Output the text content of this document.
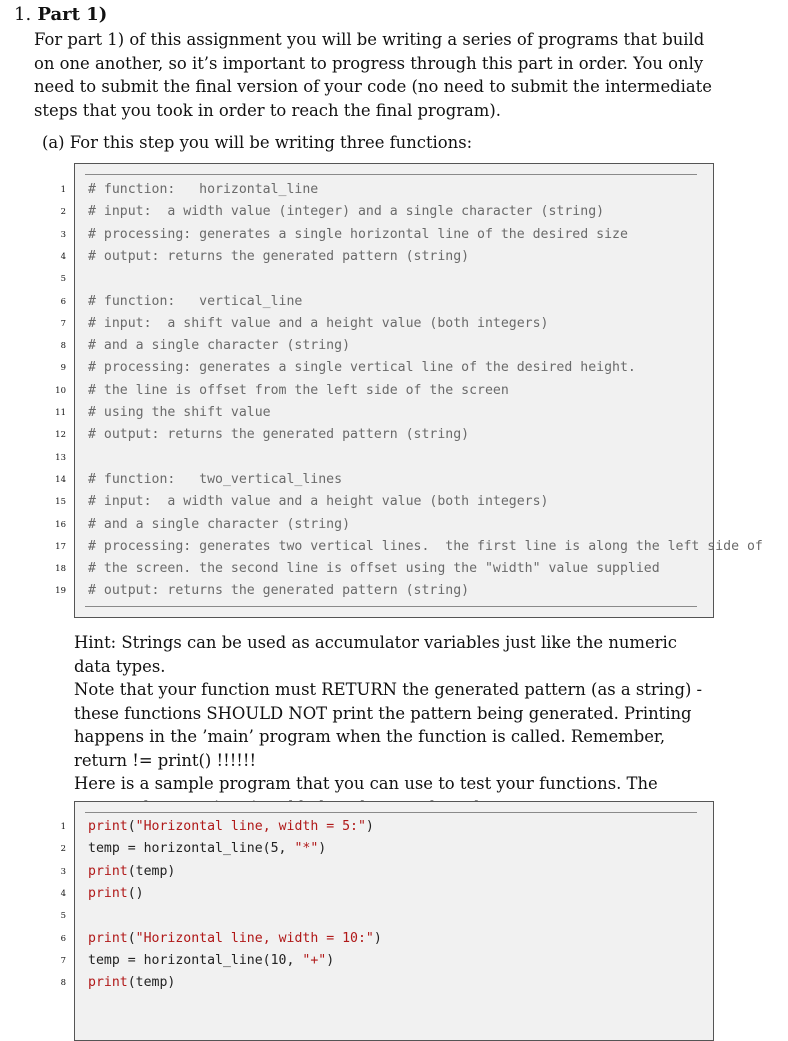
1. Part 1)
For part 1) of this assignment you will be writing a series of programs that build on one another, so it’s important to progress through this part in order. You only need to submit the final version of your code (no need to submit the intermediate steps that you took in order to reach the final program).
(a) For this step you will be writing three functions:
1 # function:   horizontal_line
2 # input:  a width value (integer) and a single character (string)
3 # processing: generates a single horizontal line of the desired size
4 # output: returns the generated pattern (string)
5
6 # function:   vertical_line
7 # input:  a shift value and a height value (both integers)
8 # and a single character (string)
9 # processing: generates a single vertical line of the desired height.
10 # the line is offset from the left side of the screen
11 # using the shift value
12 # output: returns the generated pattern (string)
13
14 # function:   two_vertical_lines
15 # input:  a width value and a height value (both integers)
16 # and a single character (string)
17 # processing: generates two vertical lines.  the first line is along the left side of
18 # the screen. the second line is offset using the "width" value supplied
19 # output: returns the generated pattern (string)

Hint: Strings can be used as accumulator variables just like the numeric data types.

Note that your function must RETURN the generated pattern (as a string) - these functions SHOULD NOT print the pattern being generated. Printing happens in the ’main’ program when the function is called. Remember, return != print() !!!!!!

Here is a sample program that you can use to test your functions. The

1 print("Horizontal line, width = 5:")
2 temp = horizontal_line(5, "*")
3 print(temp)
4 print()
5
6 print("Horizontal line, width = 10:")
7 temp = horizontal_line(10, "+")
8 print(temp)
